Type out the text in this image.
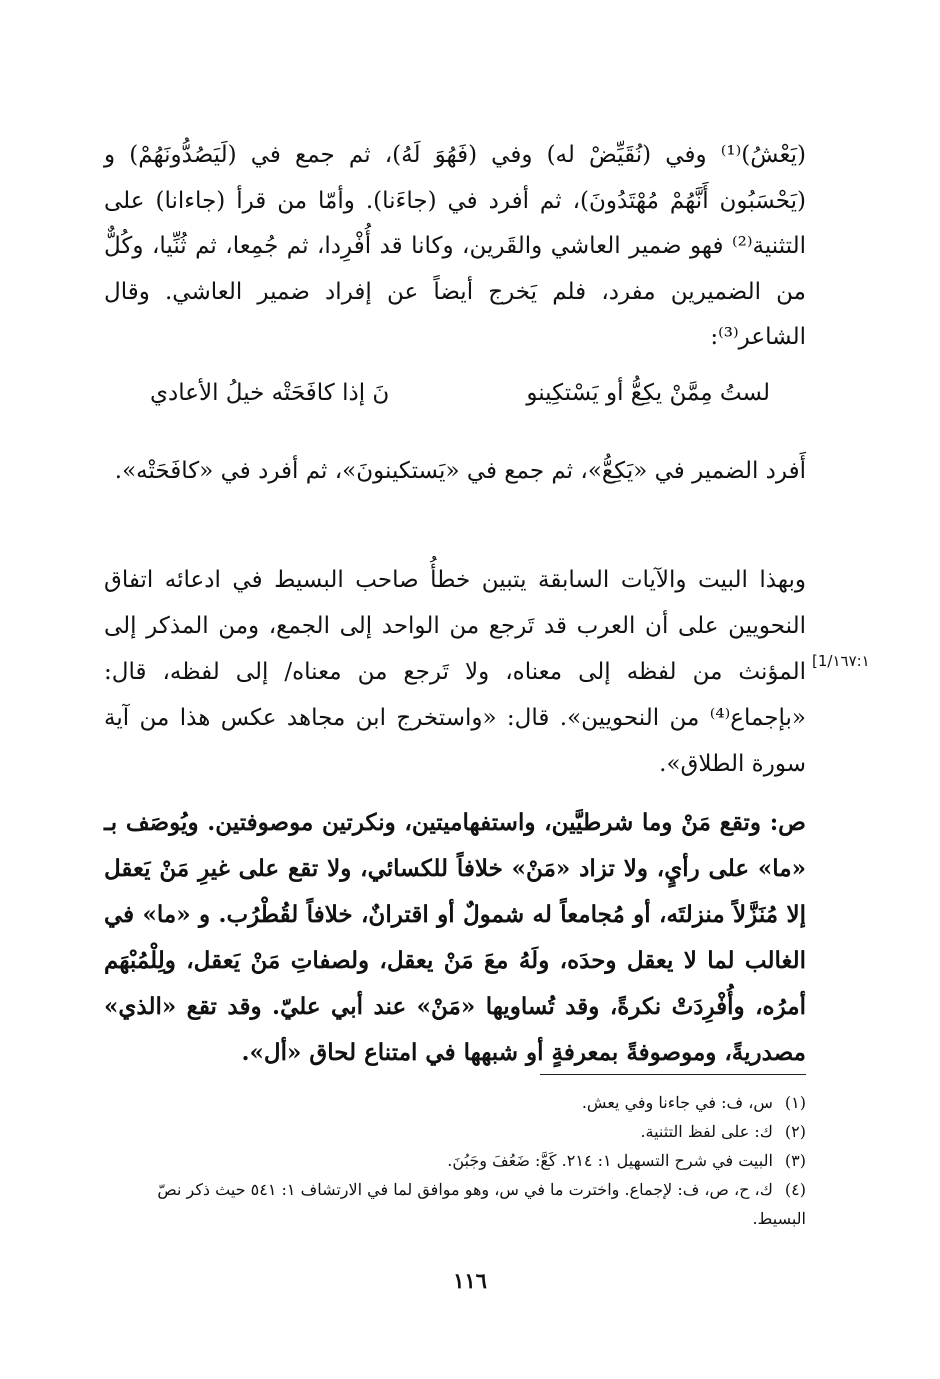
(يَعْشُ)⁽¹⁾ وفي (نُقَيِّضْ له) وفي (فَهُوَ لَهُ)، ثم جمع في (لَيَصُدُّونَهُمْ) و (يَحْسَبُون أَنَّهُمْ مُهْتَدُونَ)، ثم أفرد في (جاءَنا). وأمّا من قرأ (جاءانا) على التثنية⁽²⁾ فهو ضمير العاشي والقَرين، وكانا قد أُفْرِدا، ثم جُمِعا، ثم ثُنِّيا، وكُلٌّ من الضميرين مفرد، فلم يَخرج أيضاً عن إفراد ضمير العاشي. وقال الشاعر⁽³⁾:

لستُ مِمَّنْ يكِعُّ أو يَسْتكِينو
نَ إذا كافَحَتْه خيلُ الأعادي

أَفرد الضمير في «يَكِعُّ»، ثم جمع في «يَستكينونَ»، ثم أفرد في «كافَحَتْه».

وبهذا البيت والآيات السابقة يتبين خطأُ صاحب البسيط في ادعائه اتفاق النحويين على أن العرب قد تَرجع من الواحد إلى الجمع، ومن المذكر إلى المؤنث من لفظه إلى معناه، ولا تَرجع من معناه/ إلى لفظه، قال: «بإجماع⁽⁴⁾ من النحويين». قال: «واستخرج ابن مجاهد عكس هذا من آية سورة الطلاق».

[1/١٦٧:١

ص: وتقع مَنْ وما شرطيَّين، واستفهاميتين، ونكرتين موصوفتين. ويُوصَف بـ «ما» على رأيٍ، ولا تزاد «مَنْ» خلافاً للكسائي، ولا تقع على غيرِ مَنْ يَعقل إلا مُنَزَّلاً منزلتَه، أو مُجامعاً له شمولٌ أو اقترانٌ، خلافاً لقُطْرُب. و «ما» في الغالب لما لا يعقل وحدَه، ولَهُ معَ مَنْ يعقل، ولصفاتِ مَنْ يَعقل، ولِلْمُبْهَم أمرُه، وأُفْرِدَتْ نكرةً، وقد تُساويها «مَنْ» عند أبي عليّ. وقد تقع «الذي» مصدريةً، وموصوفةً بمعرفةٍ أو شبهها في امتناع لحاق «أل».

(١)س، ف: في جاءنا وفي يعش.

(٢)ك: على لفظ التثنية.

(٣)البيت في شرح التسهيل ١: ٢١٤. كَعَّ: ضَعُفَ وجَبُنَ.

(٤)ك، ح، ص، ف: لإجماع. واخترت ما في س، وهو موافق لما في الارتشاف ١: ٥٤١ حيث ذكر نصّ البسيط.

١١٦
